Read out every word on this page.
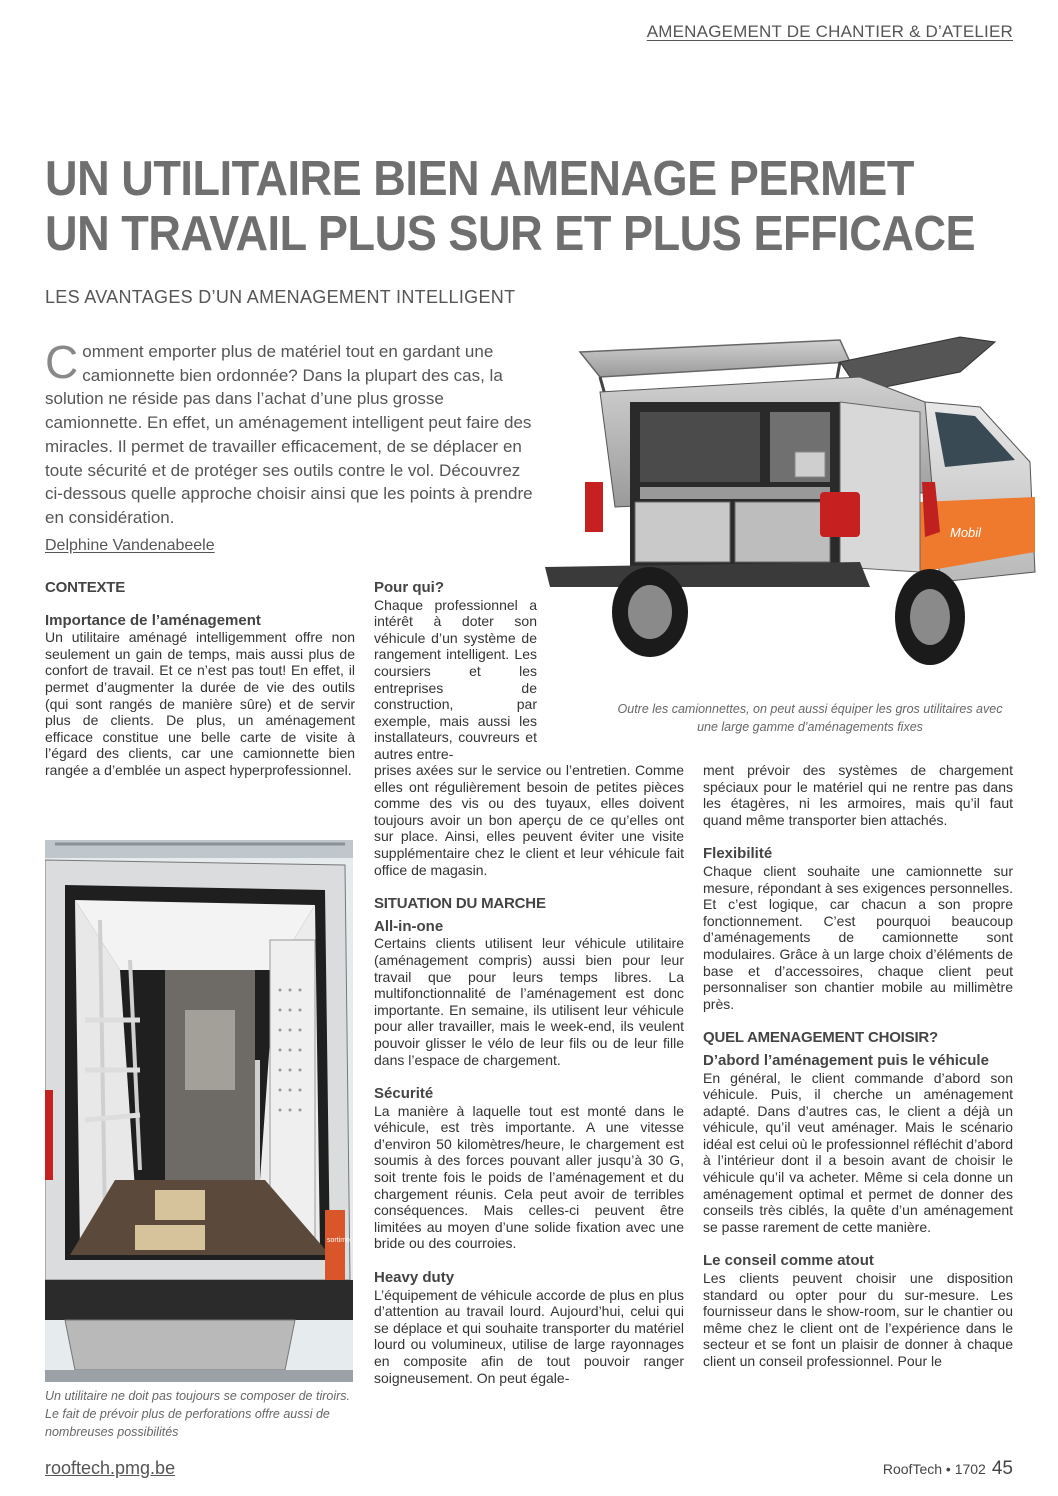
AMENAGEMENT DE CHANTIER & D’ATELIER
UN UTILITAIRE BIEN AMENAGE PERMET
UN TRAVAIL PLUS SUR ET PLUS EFFICACE
LES AVANTAGES D’UN AMENAGEMENT INTELLIGENT
Comment emporter plus de matériel tout en gardant une camionnette bien ordonnée? Dans la plupart des cas, la solution ne réside pas dans l’achat d’une plus grosse camionnette. En effet, un aménagement intelligent peut faire des miracles. Il permet de travailler efficacement, de se déplacer en toute sécurité et de protéger ses outils contre le vol. Découvrez ci-dessous quelle approche choisir ainsi que les points à prendre en considération.
Delphine Vandenabeele
Mobil
Outre les camionnettes, on peut aussi équiper les gros utilitaires avec une large gamme d’aménagements fixes
sortimo
Un utilitaire ne doit pas toujours se composer de tiroirs. Le fait de prévoir plus de perforations offre aussi de nombreuses possibilités
CONTEXTE
Importance de l’aménagement

Un utilitaire aménagé intelligemment offre non seulement un gain de temps, mais aussi plus de confort de travail. Et ce n’est pas tout! En effet, il permet d’augmenter la durée de vie des outils (qui sont rangés de manière sûre) et de servir plus de clients. De plus, un aménagement efficace constitue une belle carte de visite à l’égard des clients, car une camionnette bien rangée a d’emblée un aspect hyperprofessionnel.

Pour qui?

Chaque professionnel a intérêt à doter son véhicule d’un système de rangement intelligent. Les coursiers et les entreprises de construction, par exemple, mais aussi les installateurs, couvreurs et autres entre-

prises axées sur le service ou l’entretien. Comme elles ont régulièrement besoin de petites pièces comme des vis ou des tuyaux, elles doivent toujours avoir un bon aperçu de ce qu’elles ont sur place. Ainsi, elles peuvent éviter une visite supplémentaire chez le client et leur véhicule fait office de magasin.

SITUATION DU MARCHE
All-in-one

Certains clients utilisent leur véhicule utilitaire (aménagement compris) aussi bien pour leur travail que pour leurs temps libres. La multifonctionnalité de l’aménagement est donc importante. En semaine, ils utilisent leur véhicule pour aller travailler, mais le week-end, ils veulent pouvoir glisser le vélo de leur fils ou de leur fille dans l’espace de chargement.

Sécurité

La manière à laquelle tout est monté dans le véhicule, est très importante. A une vitesse d’environ 50 kilomètres/heure, le chargement est soumis à des forces pouvant aller jusqu’à 30 G, soit trente fois le poids de l’aménagement et du chargement réunis. Cela peut avoir de terribles conséquences. Mais celles-ci peuvent être limitées au moyen d’une solide fixation avec une bride ou des courroies.

Heavy duty

L’équipement de véhicule accorde de plus en plus d’attention au travail lourd. Aujourd’hui, celui qui se déplace et qui souhaite transporter du matériel lourd ou volumineux, utilise de large rayonnages en composite afin de tout pouvoir ranger soigneusement. On peut égale-

ment prévoir des systèmes de chargement spéciaux pour le matériel qui ne rentre pas dans les étagères, ni les armoires, mais qu’il faut quand même transporter bien attachés.

Flexibilité

Chaque client souhaite une camionnette sur mesure, répondant à ses exigences personnelles. Et c’est logique, car chacun a son propre fonctionnement. C’est pourquoi beaucoup d’aménagements de camionnette sont modulaires. Grâce à un large choix d’éléments de base et d’accessoires, chaque client peut personnaliser son chantier mobile au millimètre près.

QUEL AMENAGEMENT CHOISIR?
D’abord l’aménagement puis le véhicule

En général, le client commande d’abord son véhicule. Puis, il cherche un aménagement adapté. Dans d’autres cas, le client a déjà un véhicule, qu’il veut aménager. Mais le scénario idéal est celui où le professionnel réfléchit d’abord à l’intérieur dont il a besoin avant de choisir le véhicule qu’il va acheter. Même si cela donne un aménagement optimal et permet de donner des conseils très ciblés, la quête d’un aménagement se passe rarement de cette manière.

Le conseil comme atout

Les clients peuvent choisir une disposition standard ou opter pour du sur-mesure. Les fournisseur dans le show-room, sur le chantier ou même chez le client ont de l’expérience dans le secteur et se font un plaisir de donner à chaque client un conseil professionnel. Pour le

rooftech.pmg.be	RoofTech • 1702 45
